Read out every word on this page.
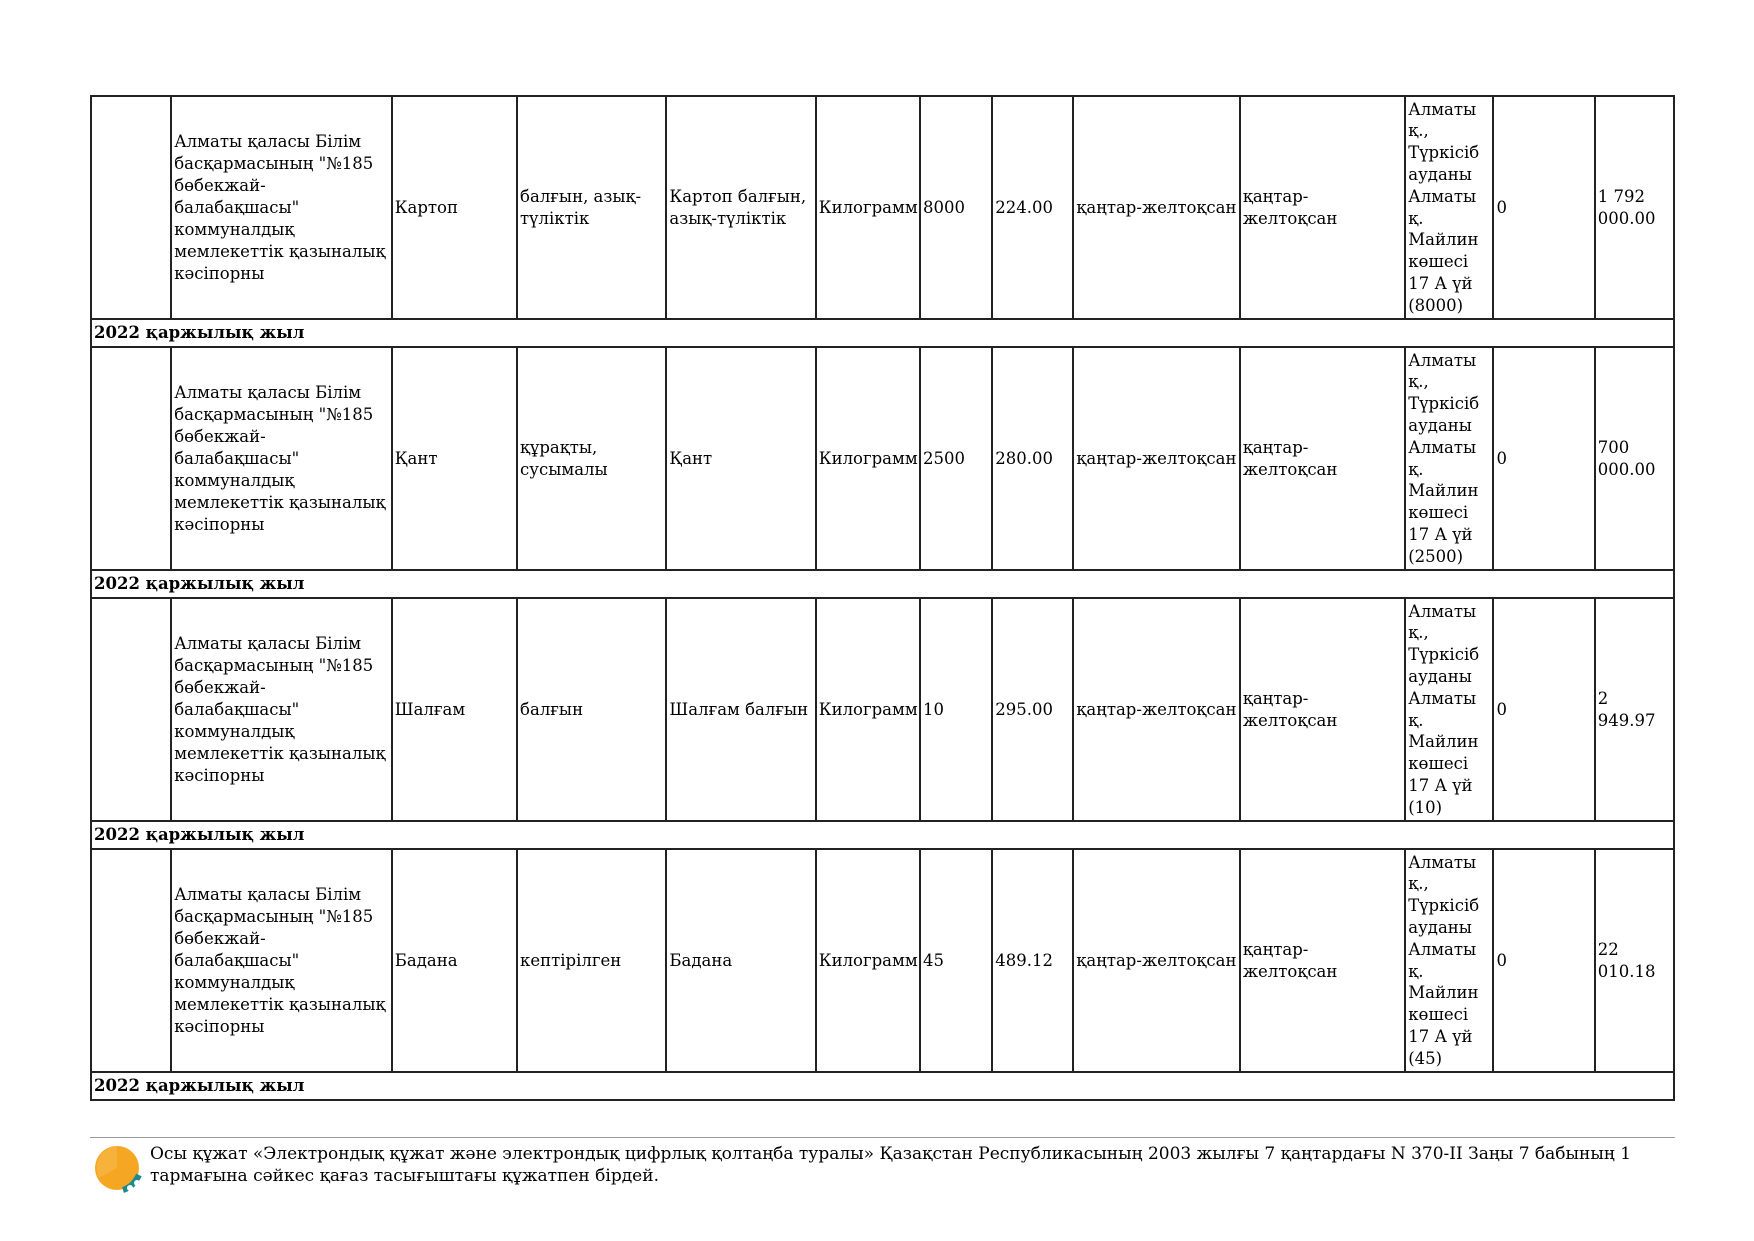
	Алматы қаласы Білім басқармасының "№185 бөбекжай-балабақшасы" коммуналдық мемлекеттік қазыналық кәсіпорны	Картоп	балғын, азық-түліктік	Картоп балғын, азық-түліктік	Килограмм	8000	224.00	қаңтар-желтоқсан	қаңтар-желтоқсан	Алматы қ., Түркісіб ауданы Алматы қ. Майлин көшесі 17 А үй (8000)	0	1 792 000.00
2022 қаржылық жыл												
	Алматы қаласы Білім басқармасының "№185 бөбекжай-балабақшасы" коммуналдық мемлекеттік қазыналық кәсіпорны	Қант	құрақты, сусымалы	Қант	Килограмм	2500	280.00	қаңтар-желтоқсан	қаңтар-желтоқсан	Алматы қ., Түркісіб ауданы Алматы қ. Майлин көшесі 17 А үй (2500)	0	700 000.00
2022 қаржылық жыл												
	Алматы қаласы Білім басқармасының "№185 бөбекжай-балабақшасы" коммуналдық мемлекеттік қазыналық кәсіпорны	Шалғам	балғын	Шалғам балғын	Килограмм	10	295.00	қаңтар-желтоқсан	қаңтар-желтоқсан	Алматы қ., Түркісіб ауданы Алматы қ. Майлин көшесі 17 А үй (10)	0	2 949.97
2022 қаржылық жыл												
	Алматы қаласы Білім басқармасының "№185 бөбекжай-балабақшасы" коммуналдық мемлекеттік қазыналық кәсіпорны	Бадана	кептірілген	Бадана	Килограмм	45	489.12	қаңтар-желтоқсан	қаңтар-желтоқсан	Алматы қ., Түркісіб ауданы Алматы қ. Майлин көшесі 17 А үй (45)	0	22 010.18
2022 қаржылық жыл												
Осы құжат «Электрондық құжат және электрондық цифрлық қолтаңба туралы» Қазақстан Республикасының 2003 жылғы 7 қаңтардағы N 370-II Заңы 7 бабының 1 тармағына сәйкес қағаз тасығыштағы құжатпен бірдей.
